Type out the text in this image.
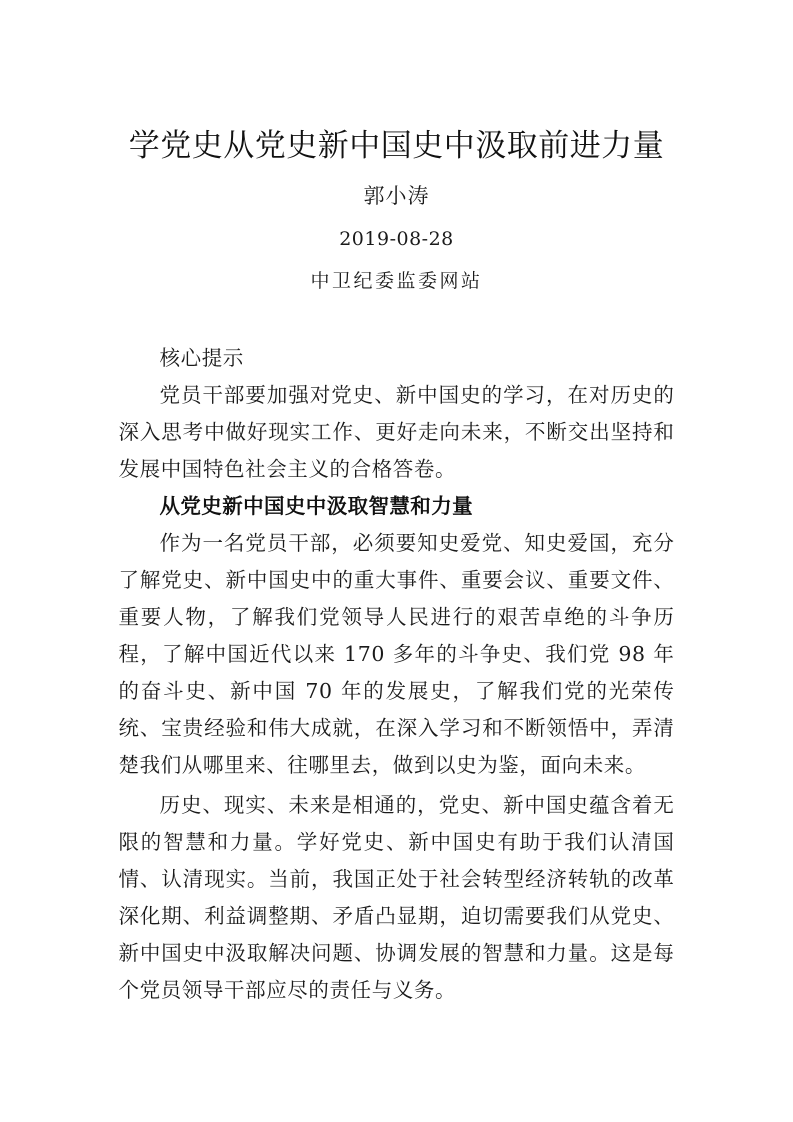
学党史从党史新中国史中汲取前进力量
郭小涛
2019-08-28
中卫纪委监委网站

核心提示

党员干部要加强对党史、新中国史的学习，在对历史的深入思考中做好现实工作、更好走向未来，不断交出坚持和发展中国特色社会主义的合格答卷。

从党史新中国史中汲取智慧和力量

作为一名党员干部，必须要知史爱党、知史爱国，充分了解党史、新中国史中的重大事件、重要会议、重要文件、重要人物，了解我们党领导人民进行的艰苦卓绝的斗争历程，了解中国近代以来 170 多年的斗争史、我们党 98 年的奋斗史、新中国 70 年的发展史，了解我们党的光荣传统、宝贵经验和伟大成就，在深入学习和不断领悟中，弄清楚我们从哪里来、往哪里去，做到以史为鉴，面向未来。

历史、现实、未来是相通的，党史、新中国史蕴含着无限的智慧和力量。学好党史、新中国史有助于我们认清国情、认清现实。当前，我国正处于社会转型经济转轨的改革深化期、利益调整期、矛盾凸显期，迫切需要我们从党史、新中国史中汲取解决问题、协调发展的智慧和力量。这是每个党员领导干部应尽的责任与义务。
